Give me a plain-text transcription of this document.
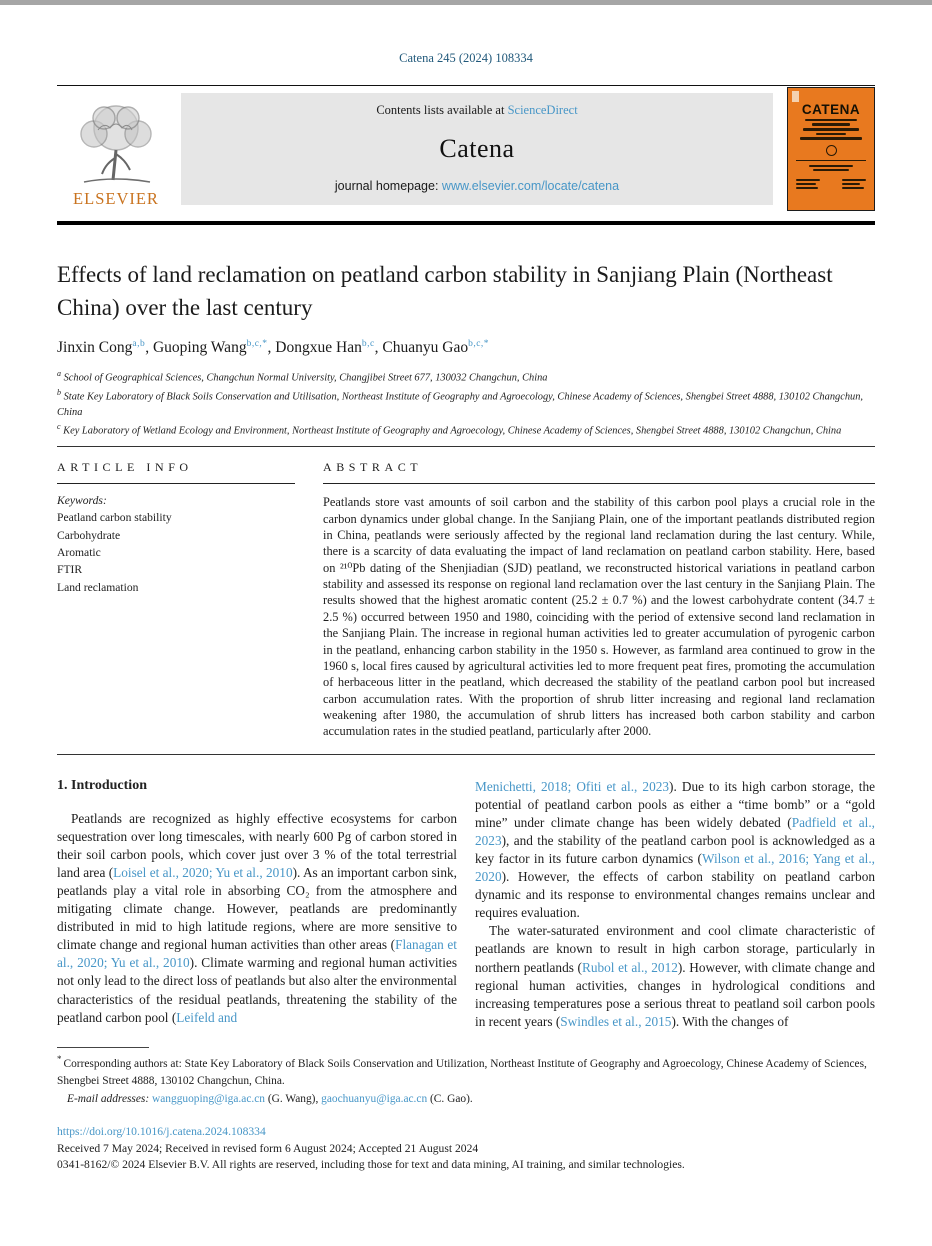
Catena 245 (2024) 108334
ELSEVIER
Contents lists available at ScienceDirect
Catena
journal homepage: www.elsevier.com/locate/catena
CATENA
Effects of land reclamation on peatland carbon stability in Sanjiang Plain (Northeast China) over the last century
Jinxin Cong$^{a,b}$ , Guoping Wang$^{b,c,*}$ , Dongxue Han$^{b,c}$ , Chuanyu Gao$^{b,c,*}$
$^a$ School of Geographical Sciences, Changchun Normal University, Changjibei Street 677, 130032 Changchun, China
$^b$ State Key Laboratory of Black Soils Conservation and Utilisation, Northeast Institute of Geography and Agroecology, Chinese Academy of Sciences, Shengbei Street 4888, 130102 Changchun, China
$^c$ Key Laboratory of Wetland Ecology and Environment, Northeast Institute of Geography and Agroecology, Chinese Academy of Sciences, Shengbei Street 4888, 130102 Changchun, China
ARTICLE INFO
Keywords:
Peatland carbon stability
Carbohydrate
Aromatic
FTIR
Land reclamation
ABSTRACT
Peatlands store vast amounts of soil carbon and the stability of this carbon pool plays a crucial role in the carbon dynamics under global change. In the Sanjiang Plain, one of the important peatlands distributed region in China, peatlands were seriously affected by the regional land reclamation during the last century. While, there is a scarcity of data evaluating the impact of land reclamation on peatland carbon stability. Here, based on ²¹⁰Pb dating of the Shenjiadian (SJD) peatland, we reconstructed historical variations in peatland carbon stability and assessed its response on regional land reclamation over the last century in the Sanjiang Plain. The results showed that the highest aromatic content (25.2 ± 0.7 %) and the lowest carbohydrate content (34.7 ± 2.5 %) occurred between 1950 and 1980, coinciding with the period of extensive second land reclamation in the Sanjiang Plain. The increase in regional human activities led to greater accumulation of pyrogenic carbon in the peatland, enhancing carbon stability in the 1950 s. However, as farmland area continued to grow in the 1960 s, local fires caused by agricultural activities led to more frequent peat fires, promoting the accumulation of herbaceous litter in the peatland, which decreased the stability of the peatland carbon pool but increased carbon accumulation rates. With the proportion of shrub litter increasing and regional land reclamation weakening after 1980, the accumulation of shrub litters has increased both carbon stability and carbon accumulation rates in the studied peatland, particularly after 2000.
1. Introduction

Peatlands are recognized as highly effective ecosystems for carbon sequestration over long timescales, with nearly 600 Pg of carbon stored in their soil carbon pools, which cover just over 3 % of the total terrestrial land area (Loisel et al., 2020; Yu et al., 2010). As an important carbon sink, peatlands play a vital role in absorbing CO₂ from the atmosphere and mitigating climate change. However, peatlands are predominantly distributed in mid to high latitude regions, where are more sensitive to climate change and regional human activities than other areas (Flanagan et al., 2020; Yu et al., 2010). Climate warming and regional human activities not only lead to the direct loss of peatlands but also alter the environmental characteristics of the residual peatlands, threatening the stability of the peatland carbon pool (Leifeld and

Menichetti, 2018; Ofiti et al., 2023). Due to its high carbon storage, the potential of peatland carbon pools as either a “time bomb” or a “gold mine” under climate change has been widely debated (Padfield et al., 2023), and the stability of the peatland carbon pool is acknowledged as a key factor in its future carbon dynamics (Wilson et al., 2016; Yang et al., 2020). However, the effects of carbon stability on peatland carbon dynamic and its response to environmental changes remains unclear and requires evaluation.

The water-saturated environment and cool climate characteristic of peatlands are known to result in high carbon storage, particularly in northern peatlands (Rubol et al., 2012). However, with climate change and regional human activities, changes in hydrological conditions and increasing temperatures pose a serious threat to peatland soil carbon pools in recent years (Swindles et al., 2015). With the changes of

* Corresponding authors at: State Key Laboratory of Black Soils Conservation and Utilization, Northeast Institute of Geography and Agroecology, Chinese Academy of Sciences, Shengbei Street 4888, 130102 Changchun, China.
E-mail addresses: wangguoping@iga.ac.cn (G. Wang), gaochuanyu@iga.ac.cn (C. Gao).
https://doi.org/10.1016/j.catena.2024.108334
Received 7 May 2024; Received in revised form 6 August 2024; Accepted 21 August 2024
0341-8162/© 2024 Elsevier B.V. All rights are reserved, including those for text and data mining, AI training, and similar technologies.
